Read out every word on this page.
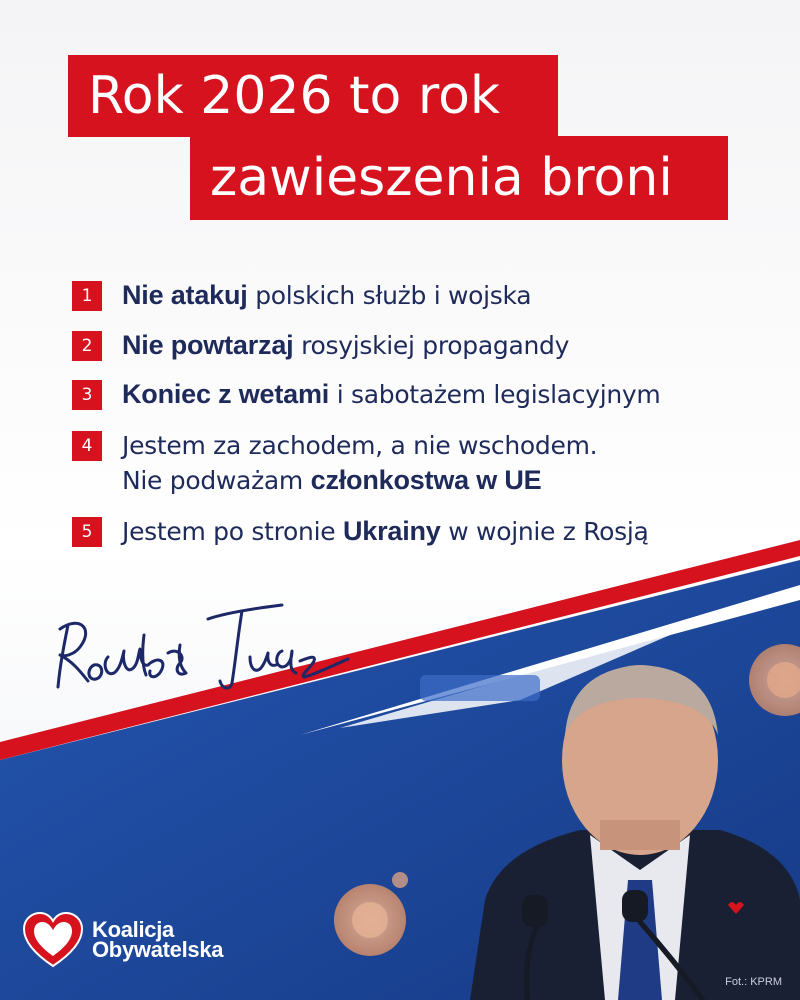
Rok 2026 to rok
zawieszenia broni
1	Nie atakuj polskich służb i wojska
2	Nie powtarzaj rosyjskiej propagandy
3	Koniec z wetami i sabotażem legislacyjnym
4	Jestem za zachodem, a nie wschodem.
Nie podważam członkostwa w UE
5	Jestem po stronie Ukrainy w wojnie z Rosją
Koalicja
Obywatelska
Fot.: KPRM
